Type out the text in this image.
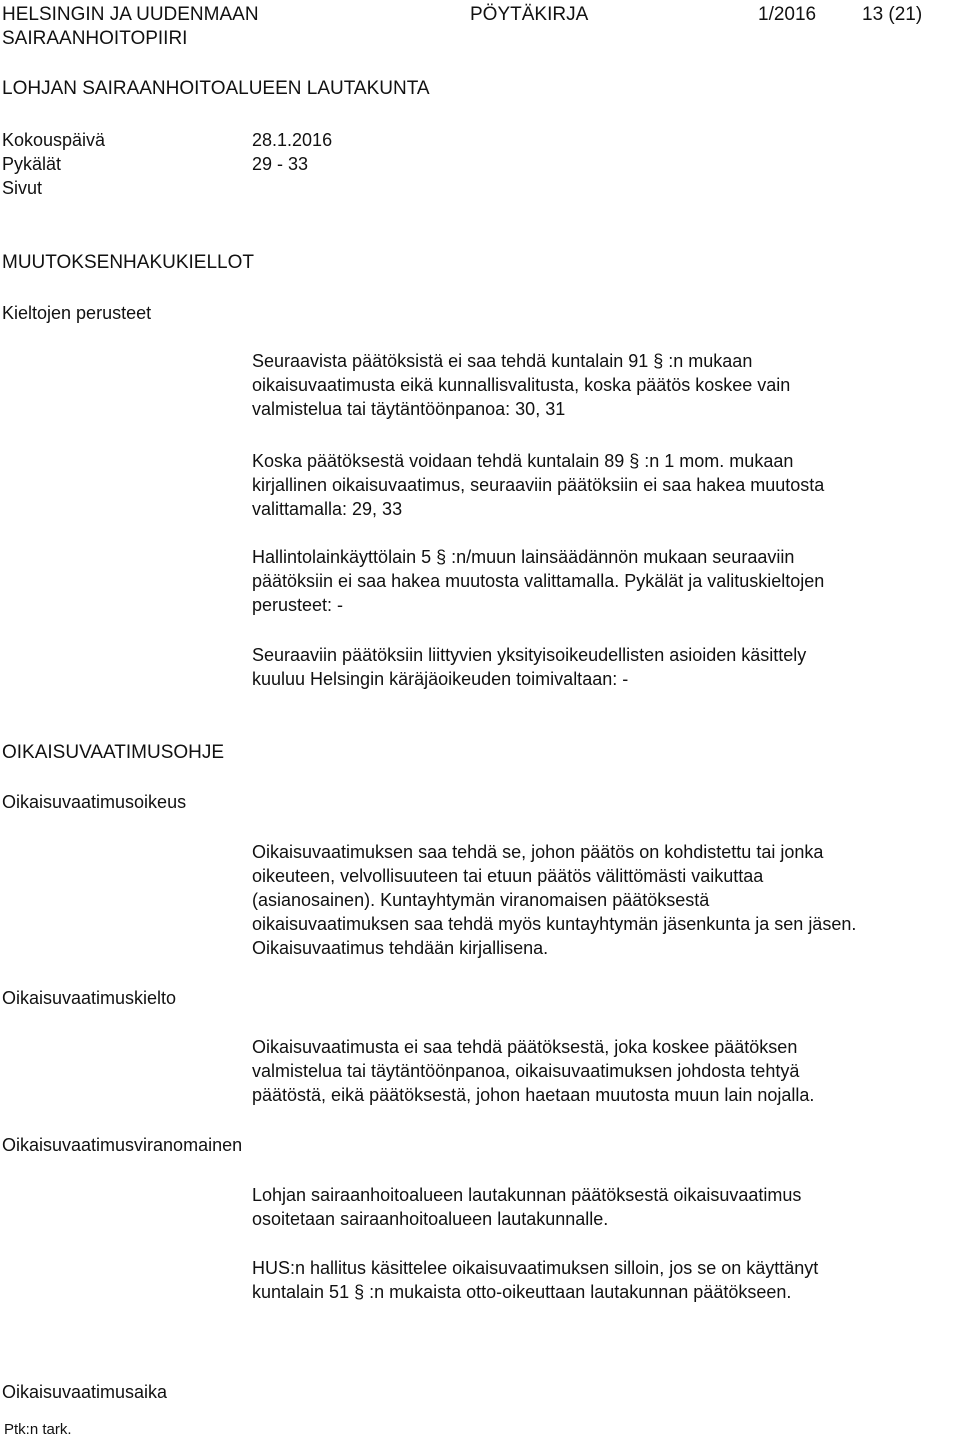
HELSINGIN JA UUDENMAAN
SAIRAANHOITOPIIRI
PÖYTÄKIRJA	1/2016 13 (21)
LOHJAN SAIRAANHOITOALUEEN LAUTAKUNTA
Kokouspäivä	28.1.2016
Pykälät	29 - 33
Sivut
MUUTOKSENHAKUKIELLOT
Kieltojen perusteet
Seuraavista päätöksistä ei saa tehdä kuntalain 91 § :n mukaan
oikaisuvaatimusta eikä kunnallisvalitusta, koska päätös koskee vain
valmistelua tai täytäntöönpanoa: 30, 31
Koska päätöksestä voidaan tehdä kuntalain 89 § :n 1 mom. mukaan
kirjallinen oikaisuvaatimus, seuraaviin päätöksiin ei saa hakea muutosta
valittamalla: 29, 33
Hallintolainkäyttölain 5 § :n/muun lainsäädännön mukaan seuraaviin
päätöksiin ei saa hakea muutosta valittamalla. Pykälät ja valituskieltojen
perusteet: -
Seuraaviin päätöksiin liittyvien yksityisoikeudellisten asioiden käsittely
kuuluu Helsingin käräjäoikeuden toimivaltaan: -
OIKAISUVAATIMUSOHJE
Oikaisuvaatimusoikeus
Oikaisuvaatimuksen saa tehdä se, johon päätös on kohdistettu tai jonka
oikeuteen, velvollisuuteen tai etuun päätös välittömästi vaikuttaa
(asianosainen). Kuntayhtymän viranomaisen päätöksestä
oikaisuvaatimuksen saa tehdä myös kuntayhtymän jäsenkunta ja sen jäsen.
Oikaisuvaatimus tehdään kirjallisena.
Oikaisuvaatimuskielto
Oikaisuvaatimusta ei saa tehdä päätöksestä, joka koskee päätöksen
valmistelua tai täytäntöönpanoa, oikaisuvaatimuksen johdosta tehtyä
päätöstä, eikä päätöksestä, johon haetaan muutosta muun lain nojalla.
Oikaisuvaatimusviranomainen
Lohjan sairaanhoitoalueen lautakunnan päätöksestä oikaisuvaatimus
osoitetaan sairaanhoitoalueen lautakunnalle.
HUS:n hallitus käsittelee oikaisuvaatimuksen silloin, jos se on käyttänyt
kuntalain 51 § :n mukaista otto-oikeuttaan lautakunnan päätökseen.
Oikaisuvaatimusaika
Ptk:n tark.
